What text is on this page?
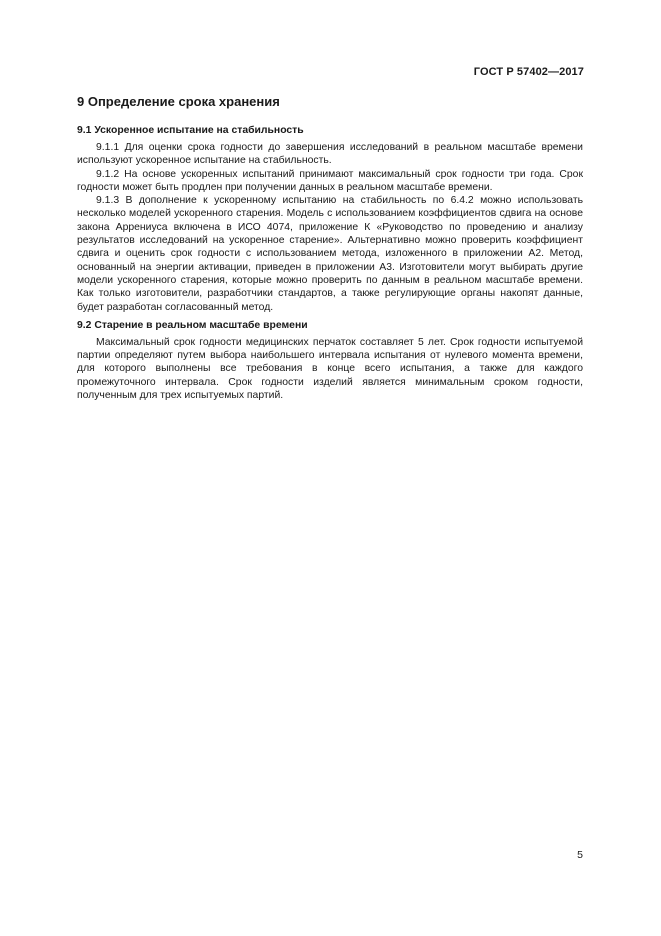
ГОСТ Р 57402—2017
9 Определение срока хранения
9.1 Ускоренное испытание на стабильность

9.1.1 Для оценки срока годности до завершения исследований в реальном масштабе времени используют ускоренное испытание на стабильность.

9.1.2 На основе ускоренных испытаний принимают максимальный срок годности три года. Срок годности может быть продлен при получении данных в реальном масштабе времени.

9.1.3 В дополнение к ускоренному испытанию на стабильность по 6.4.2 можно использовать несколько моделей ускоренного старения. Модель с использованием коэффициентов сдвига на основе закона Аррениуса включена в ИСО 4074, приложение К «Руководство по проведению и анализу результатов исследований на ускоренное старение». Альтернативно можно проверить коэффициент сдвига и оценить срок годности с использованием метода, изложенного в приложении А2. Метод, основанный на энергии активации, приведен в приложении А3. Изготовители могут выбирать другие модели ускоренного старения, которые можно проверить по данным в реальном масштабе времени. Как только изготовители, разработчики стандартов, а также регулирующие органы накопят данные, будет разработан согласованный метод.

9.2 Старение в реальном масштабе времени

Максимальный срок годности медицинских перчаток составляет 5 лет. Срок годности испытуемой партии определяют путем выбора наибольшего интервала испытания от нулевого момента времени, для которого выполнены все требования в конце всего испытания, а также для каждого промежуточного интервала. Срок годности изделий является минимальным сроком годности, полученным для трех испытуемых партий.

5
